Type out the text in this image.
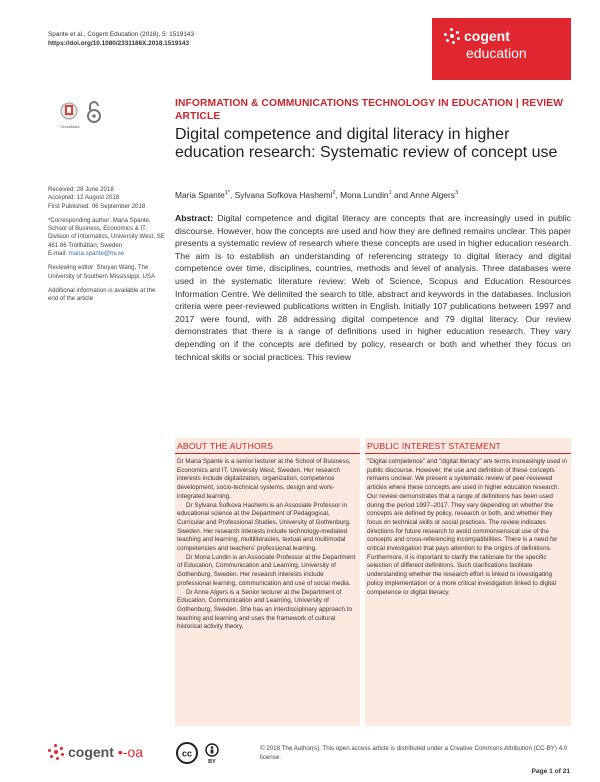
Spante et al., Cogent Education (2018), 5: 1519143
https://doi.org/10.1080/2331186X.2018.1519143	cogent
education
CrossMark
INFORMATION & COMMUNICATIONS TECHNOLOGY IN EDUCATION | REVIEW ARTICLE
Digital competence and digital literacy in higher education research: Systematic review of concept use
Maria Spante$^{1*}$, Sylvana Sofkova Hashemi$^2$, Mona Lundin$^1$ and Anne Algers$^3$

Received: 28 June 2018
Accepted: 12 August 2018
First Published: 06 September 2018

*Corresponding author: Maria Spante, School of Business, Economics & IT, Division of Informatics, University West, SE 461 86 Trollhättan, Sweden
E-mail: maria.spante@hv.se

Reviewing editor: Shuyan Wang, The University of Southern Mississippi, USA

Additional information is available at the end of the article

Abstract: Digital competence and digital literacy are concepts that are increasingly used in public discourse. However, how the concepts are used and how they are defined remains unclear. This paper presents a systematic review of research where these concepts are used in higher education research. The aim is to establish an understanding of referencing strategy to digital literacy and digital competence over time, disciplines, countries, methods and level of analysis. Three databases were used in the systematic literature review: Web of Science, Scopus and Education Resources Information Centre. We delimited the search to title, abstract and keywords in the databases. Inclusion criteria were peer-reviewed publications written in English. Initially 107 publications between 1997 and 2017 were found, with 28 addressing digital competence and 79 digital literacy. Our review demonstrates that there is a range of definitions used in higher education research. They vary depending on if the concepts are defined by policy, research or both and whether they focus on technical skills or social practices. This review
ABOUT THE AUTHORS

Dr Maria Spante is a senior lecturer at the School of Business, Economics and IT, University West, Sweden. Her research interests include digitalization, organization, competence development, socio-technical systems, design and work-integrated learning.

Dr Sylvana Sofkova Hashemi is an Associate Professor in educational science at the Department of Pedagogical, Curricular and Professional Studies, University of Gothenburg, Sweden. Her research interests include technology-mediated teaching and learning, multiliteracies, textual and multimodal competencies and teachers' professional learning.

Dr Mona Lundin is an Associate Professor at the Department of Education, Communication and Learning, University of Gothenburg, Sweden. Her research interests include professional learning, communication and use of social media.

Dr Anne Algers is a Senior lecturer at the Department of Education, Communication and Learning, University of Gothenburg, Sweden. She has an interdisciplinary approach to teaching and learning and uses the framework of cultural historical activity theory.

PUBLIC INTEREST STATEMENT

"Digital competence" and "digital literacy" are terms increasingly used in public discourse. However, the use and definition of these concepts remains unclear. We present a systematic review of peer-reviewed articles where these concepts are used in higher education research. Our review demonstrates that a range of definitions has been used during the period 1997–2017. They vary depending on whether the concepts are defined by policy, research or both, and whether they focus on technical skills or social practices. The review indicates directions for future research to avoid commonsensical use of the concepts and cross-referencing incompatibilities. There is a need for critical investigation that pays attention to the origins of definitions. Furthermore, it is important to clarify the rationale for the specific selection of different definitions. Such clarifications facilitate understanding whether the research effort is linked to investigating policy implementation or a more critical investigation linked to digital competence or digital literacy.

cogent •-oa	cc
BY
© 2018 The Author(s). This open access article is distributed under a Creative Commons Attribution (CC-BY) 4.0 license.
Page 1 of 21
